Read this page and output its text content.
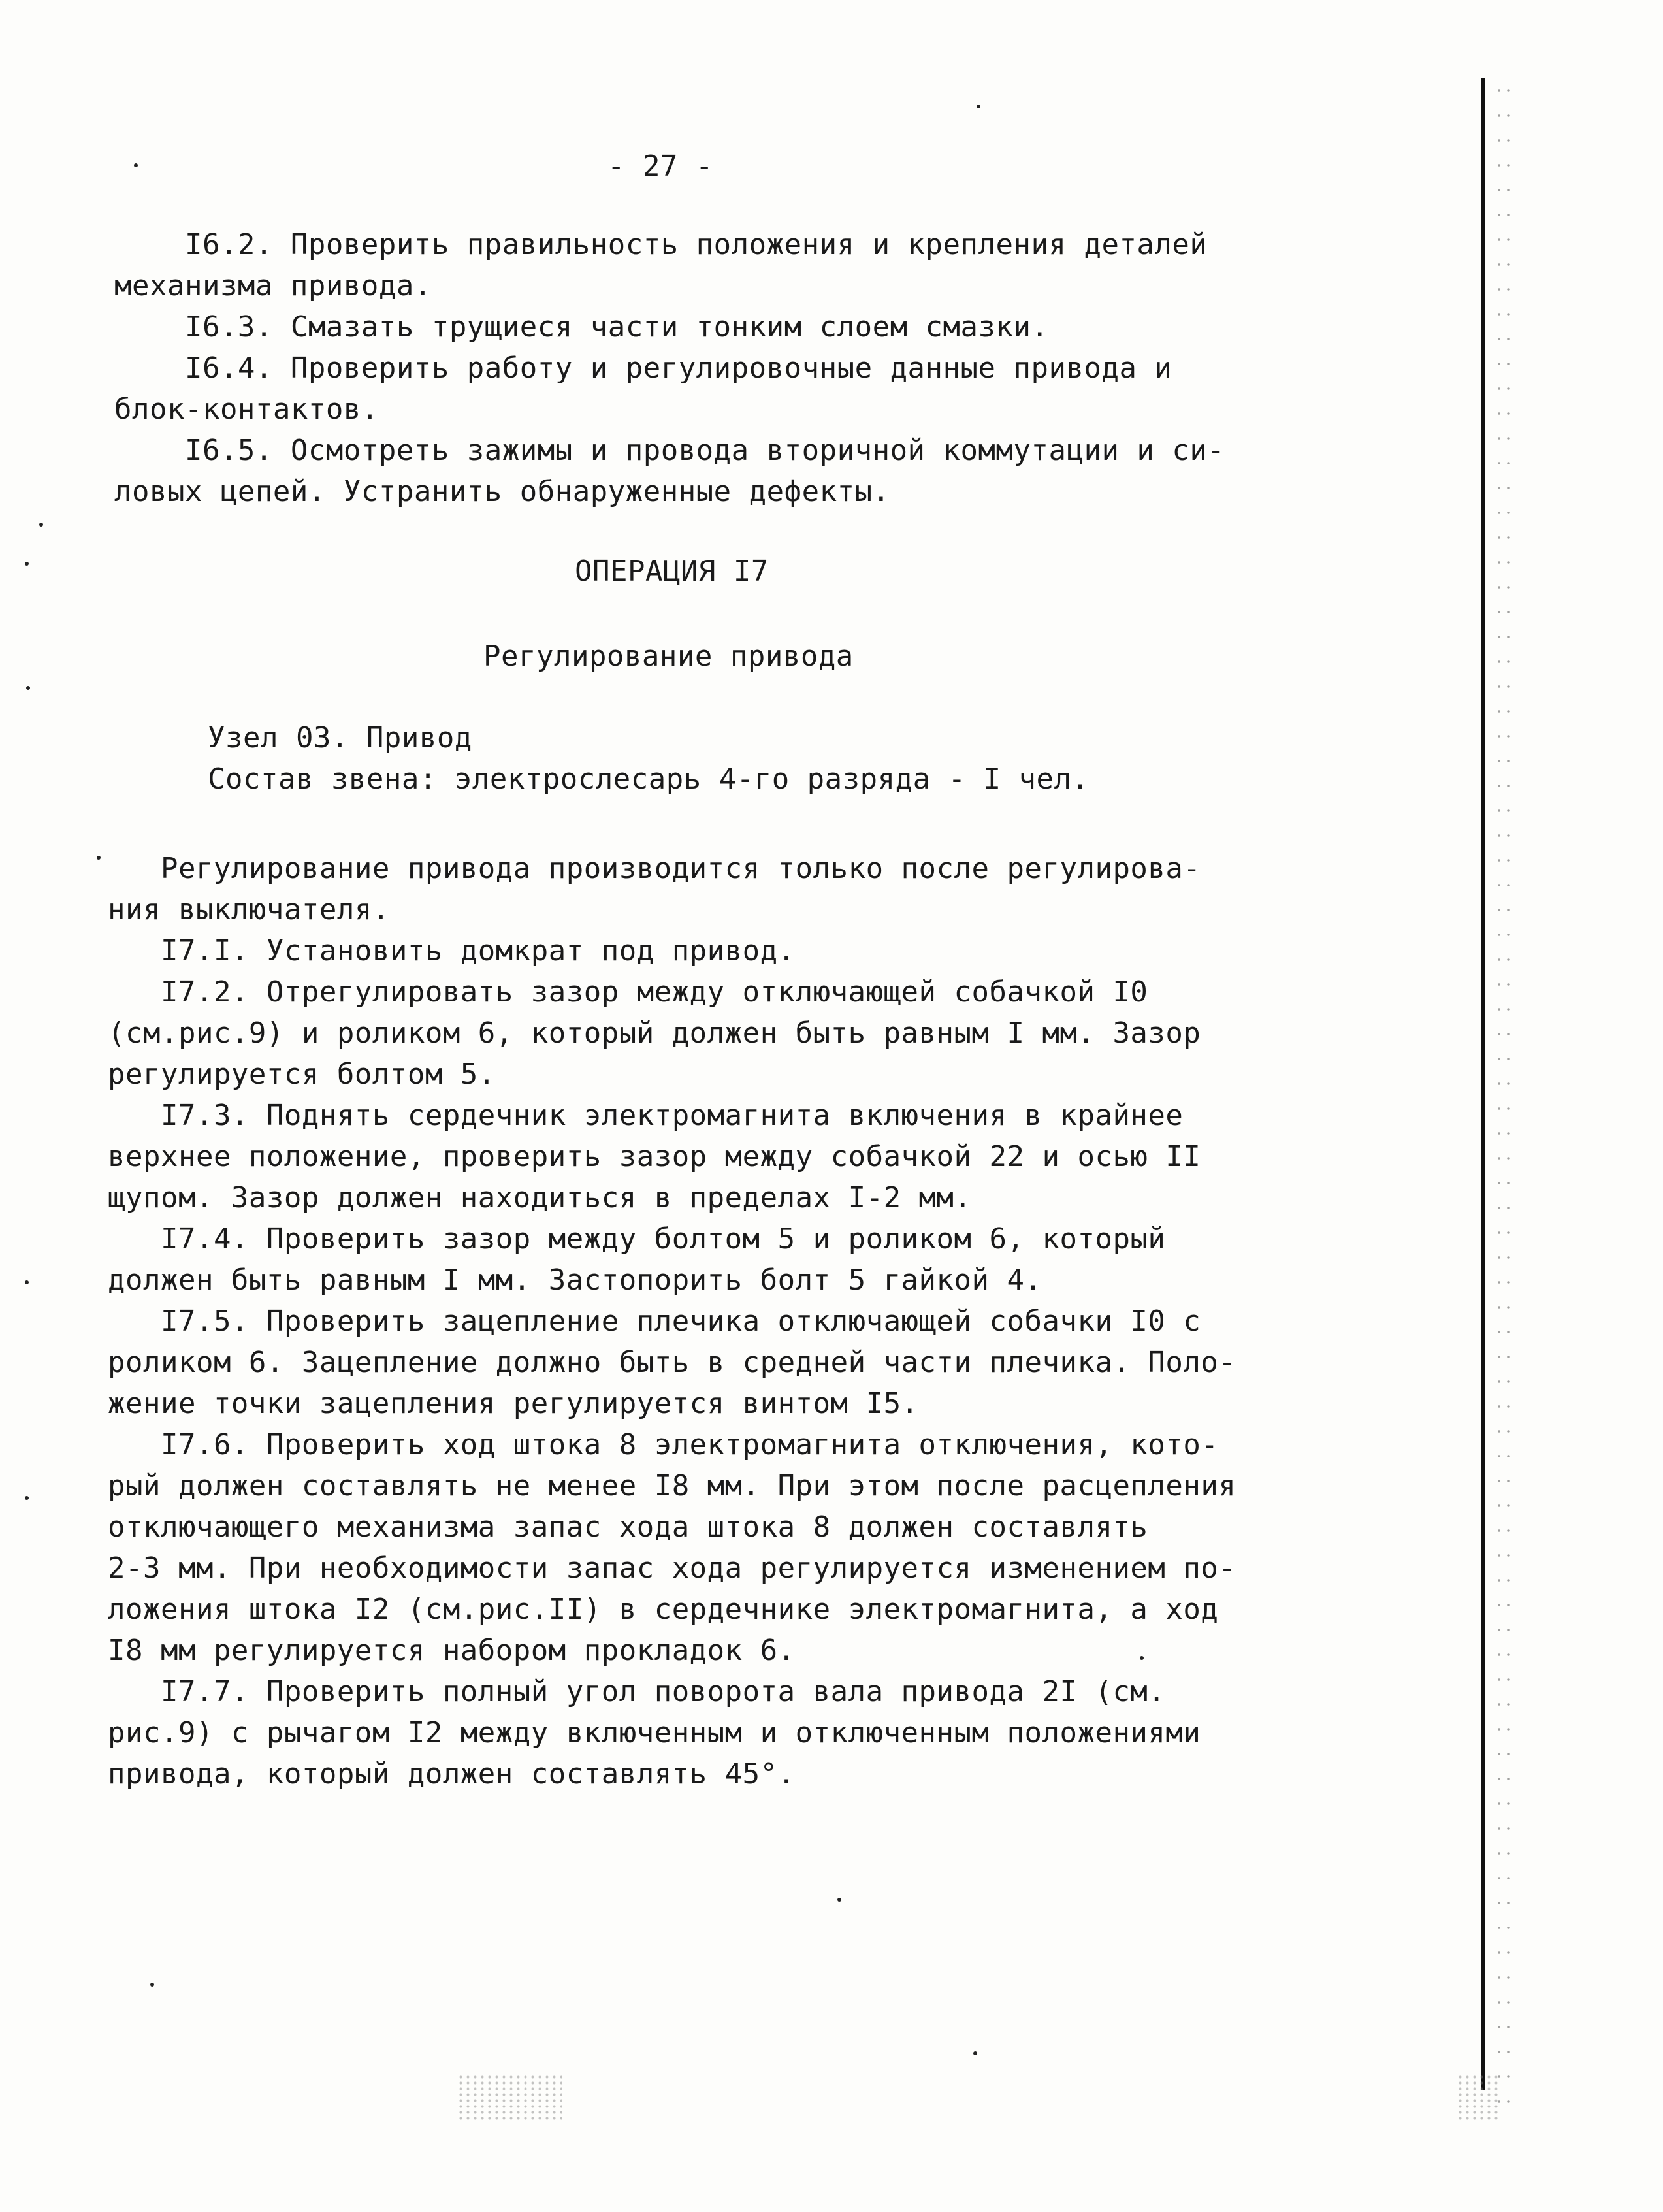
- 27 -
I6.2. Проверить правильность положения и крепления деталей
механизма привода.
I6.3. Смазать трущиеся части тонким слоем смазки.
I6.4. Проверить работу и регулировочные данные привода и
блок-контактов.
I6.5. Осмотреть зажимы и провода вторичной коммутации и си-
ловых цепей. Устранить обнаруженные дефекты.
ОПЕРАЦИЯ I7
Регулирование привода
Узел 03. Привод
Состав звена: электрослесарь 4-го разряда - I чел.
Регулирование привода производится только после регулирова-
ния выключателя.
I7.I. Установить домкрат под привод.
I7.2. Отрегулировать зазор между отключающей собачкой I0
(см.рис.9) и роликом 6, который должен быть равным I мм. Зазор
регулируется болтом 5.
I7.3. Поднять сердечник электромагнита включения в крайнее
верхнее положение, проверить зазор между собачкой 22 и осью II
щупом. Зазор должен находиться в пределах I-2 мм.
I7.4. Проверить зазор между болтом 5 и роликом 6, который
должен быть равным I мм. Застопорить болт 5 гайкой 4.
I7.5. Проверить зацепление плечика отключающей собачки I0 с
роликом 6. Зацепление должно быть в средней части плечика. Поло-
жение точки зацепления регулируется винтом I5.
I7.6. Проверить ход штока 8 электромагнита отключения, кото-
рый должен составлять не менее I8 мм. При этом после расцепления
отключающего механизма запас хода штока 8 должен составлять
2-3 мм. При необходимости запас хода регулируется изменением по-
ложения штока I2 (см.рис.II) в сердечнике электромагнита, а ход
I8 мм регулируется набором прокладок 6.
I7.7. Проверить полный угол поворота вала привода 2I (см.
рис.9) с рычагом I2 между включенным и отключенным положениями
привода, который должен составлять 45°.
